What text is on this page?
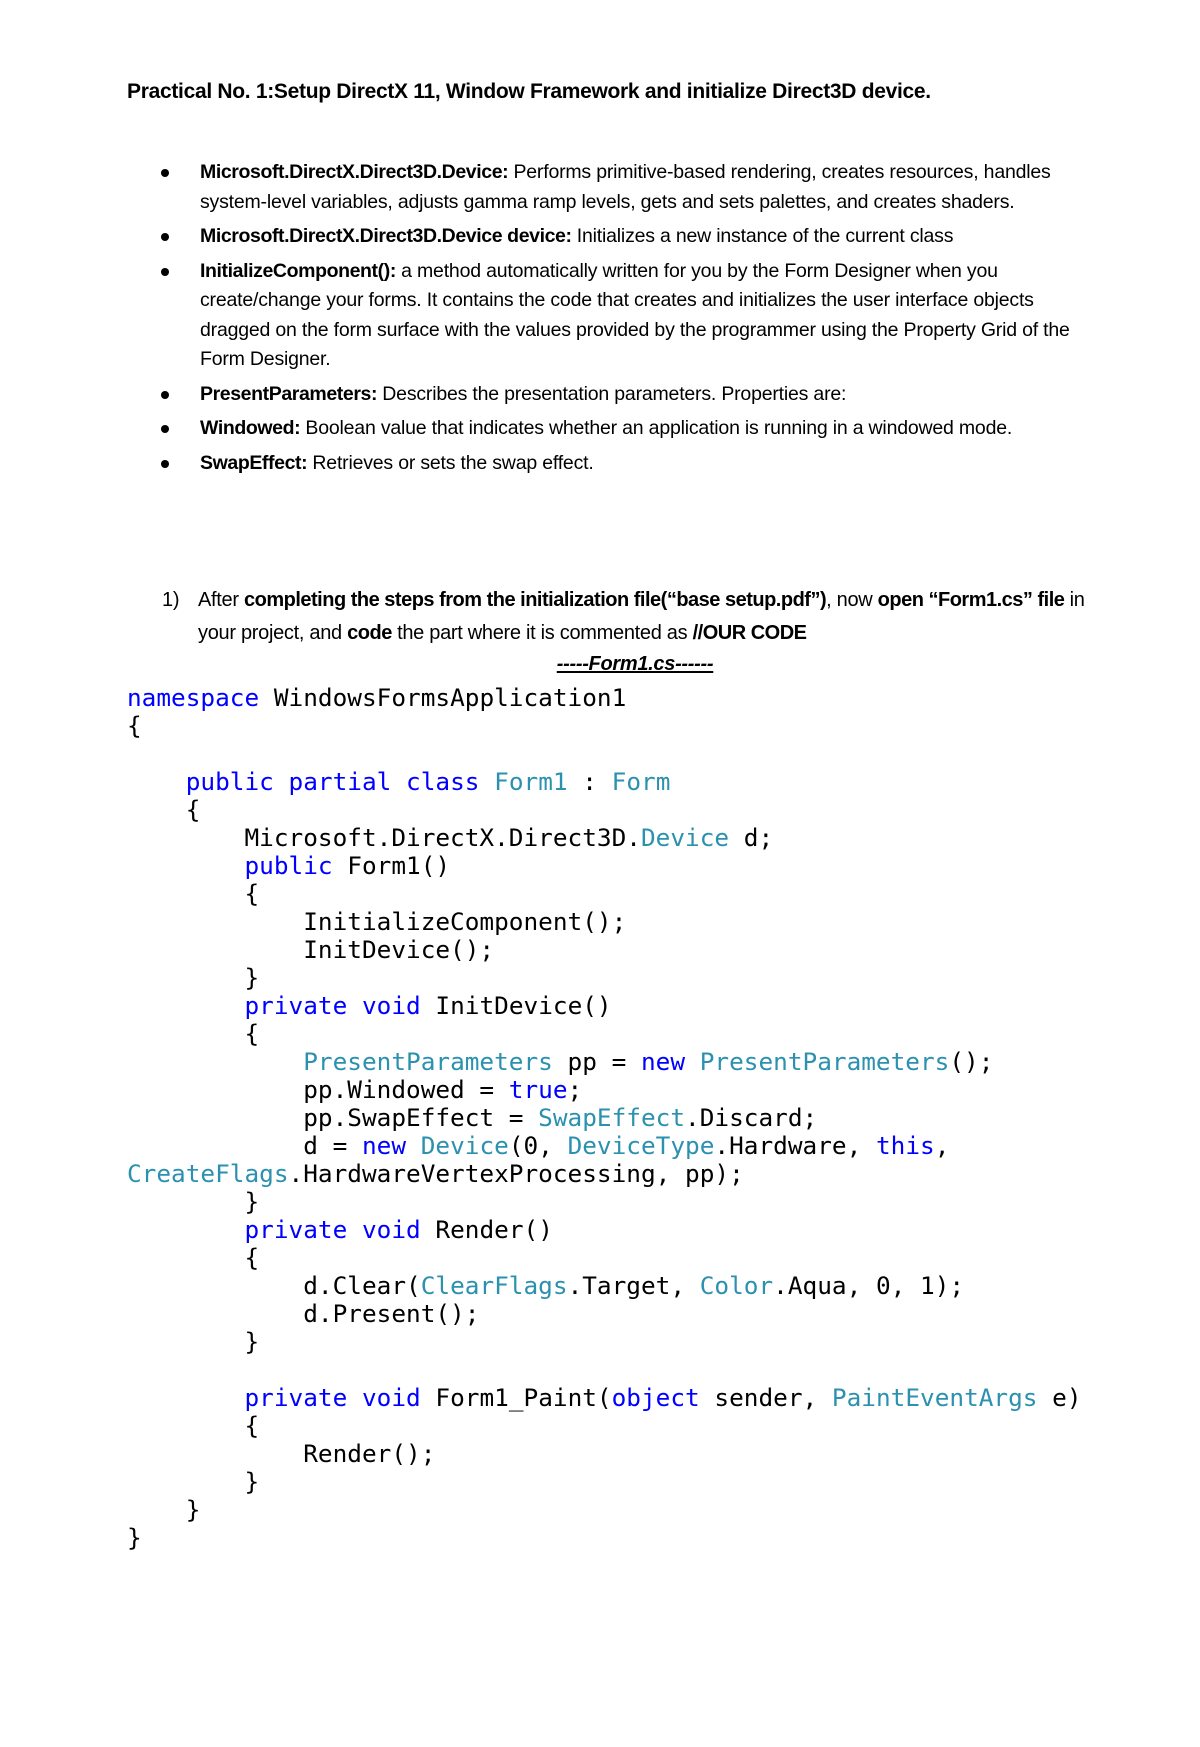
Practical No. 1:Setup DirectX 11, Window Framework and initialize Direct3D device.
Microsoft.DirectX.Direct3D.Device: Performs primitive-based rendering, creates resources, handles system-level variables, adjusts gamma ramp levels, gets and sets palettes, and creates shaders.
Microsoft.DirectX.Direct3D.Device device: Initializes a new instance of the current class
InitializeComponent(): a method automatically written for you by the Form Designer when you create/change your forms. It contains the code that creates and initializes the user interface objects dragged on the form surface with the values provided by the programmer using the Property Grid of the Form Designer.
PresentParameters: Describes the presentation parameters. Properties are:
Windowed: Boolean value that indicates whether an application is running in a windowed mode.
SwapEffect: Retrieves or sets the swap effect.
1) After completing the steps from the initialization file(“base setup.pdf”), now open “Form1.cs” file in your project, and code the part where it is commented as //OUR CODE
-----Form1.cs------
namespace WindowsFormsApplication1
{
public partial class Form1 : Form
{
Microsoft.DirectX.Direct3D.Device d;
public Form1()
{
InitializeComponent();
InitDevice();
}
private void InitDevice()
{
PresentParameters pp = new PresentParameters();
pp.Windowed = true;
pp.SwapEffect = SwapEffect.Discard;
d = new Device(0, DeviceType.Hardware, this,
CreateFlags.HardwareVertexProcessing, pp);
}
private void Render()
{
d.Clear(ClearFlags.Target, Color.Aqua, 0, 1);
d.Present();
}
private void Form1_Paint(object sender, PaintEventArgs e)
{
Render();
}
}
}
